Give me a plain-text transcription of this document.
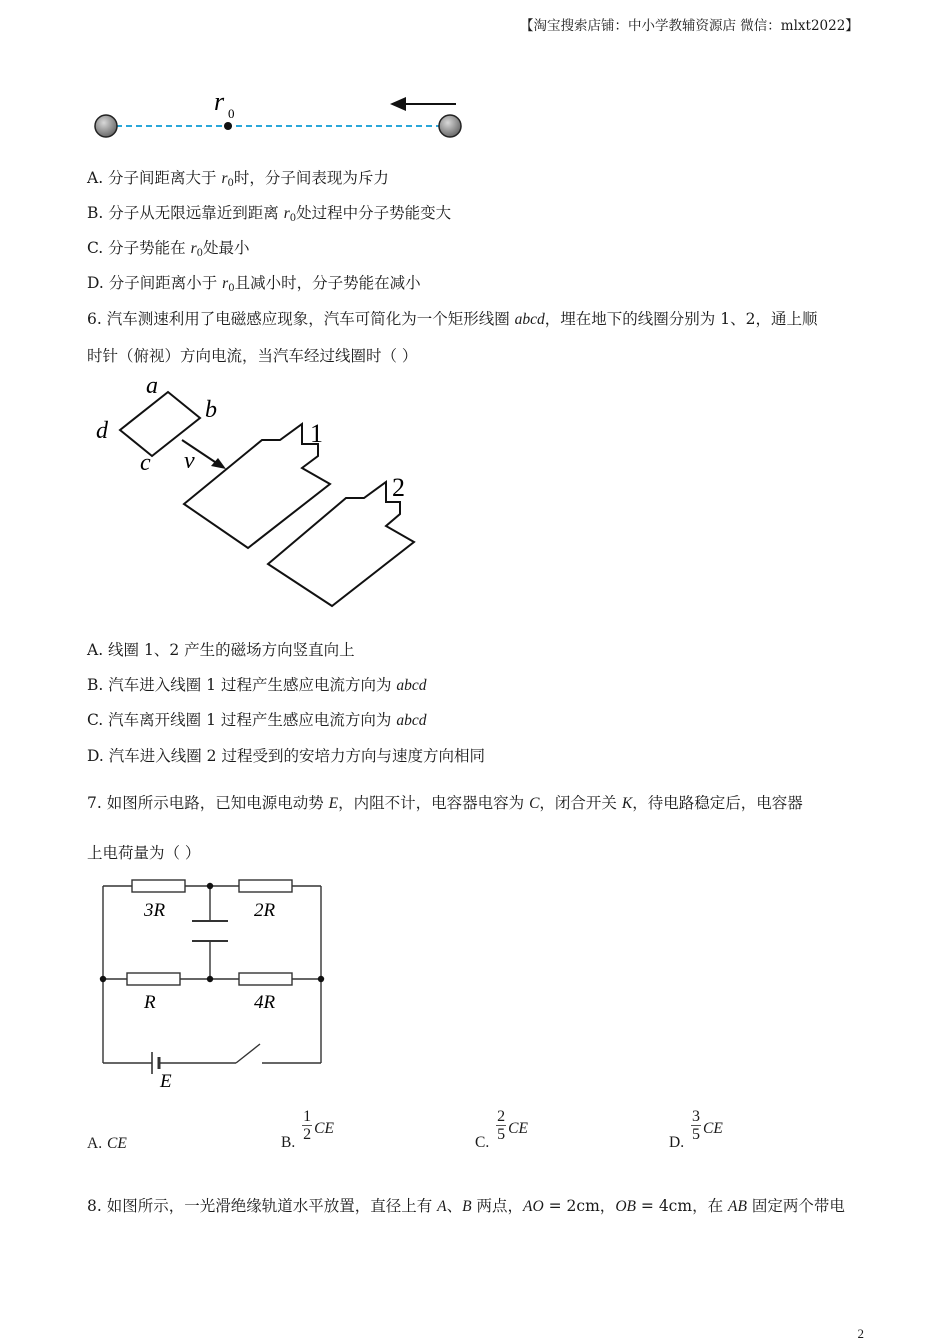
【淘宝搜索店铺：中小学教辅资源店 微信：mlxt2022】
r 0
A. 分子间距离大于 $r_0$时，分子间表现为斥力
B. 分子从无限远靠近到距离 $r_0$处过程中分子势能变大
C. 分子势能在 $r_0$处最小
D. 分子间距离小于 $r_0$且减小时，分子势能在减小
6. 汽车测速利用了电磁感应现象，汽车可简化为一个矩形线圈 abcd，埋在地下的线圈分别为 1、2，通上顺
时针（俯视）方向电流，当汽车经过线圈时（ ）
a
b
d
c v
1
2
A. 线圈 1、2 产生的磁场方向竖直向上
B. 汽车进入线圈 1 过程产生感应电流方向为 abcd
C. 汽车离开线圈 1 过程产生感应电流方向为 abcd
D. 汽车进入线圈 2 过程受到的安培力方向与速度方向相同
7. 如图所示电路，已知电源电动势 E，内阻不计，电容器电容为 C，闭合开关 K，待电路稳定后，电容器
上电荷量为（ ）
3R	2R
R	4R
E
A. CE	B. $\frac{1}{2}$ CE
C. $\frac{2}{5}$ CE
D. $\frac{3}{5}$ CE
8. 如图所示，一光滑绝缘轨道水平放置，直径上有 A、B 两点，AO = 2cm，OB = 4cm，在 AB 固定两个带电
2
